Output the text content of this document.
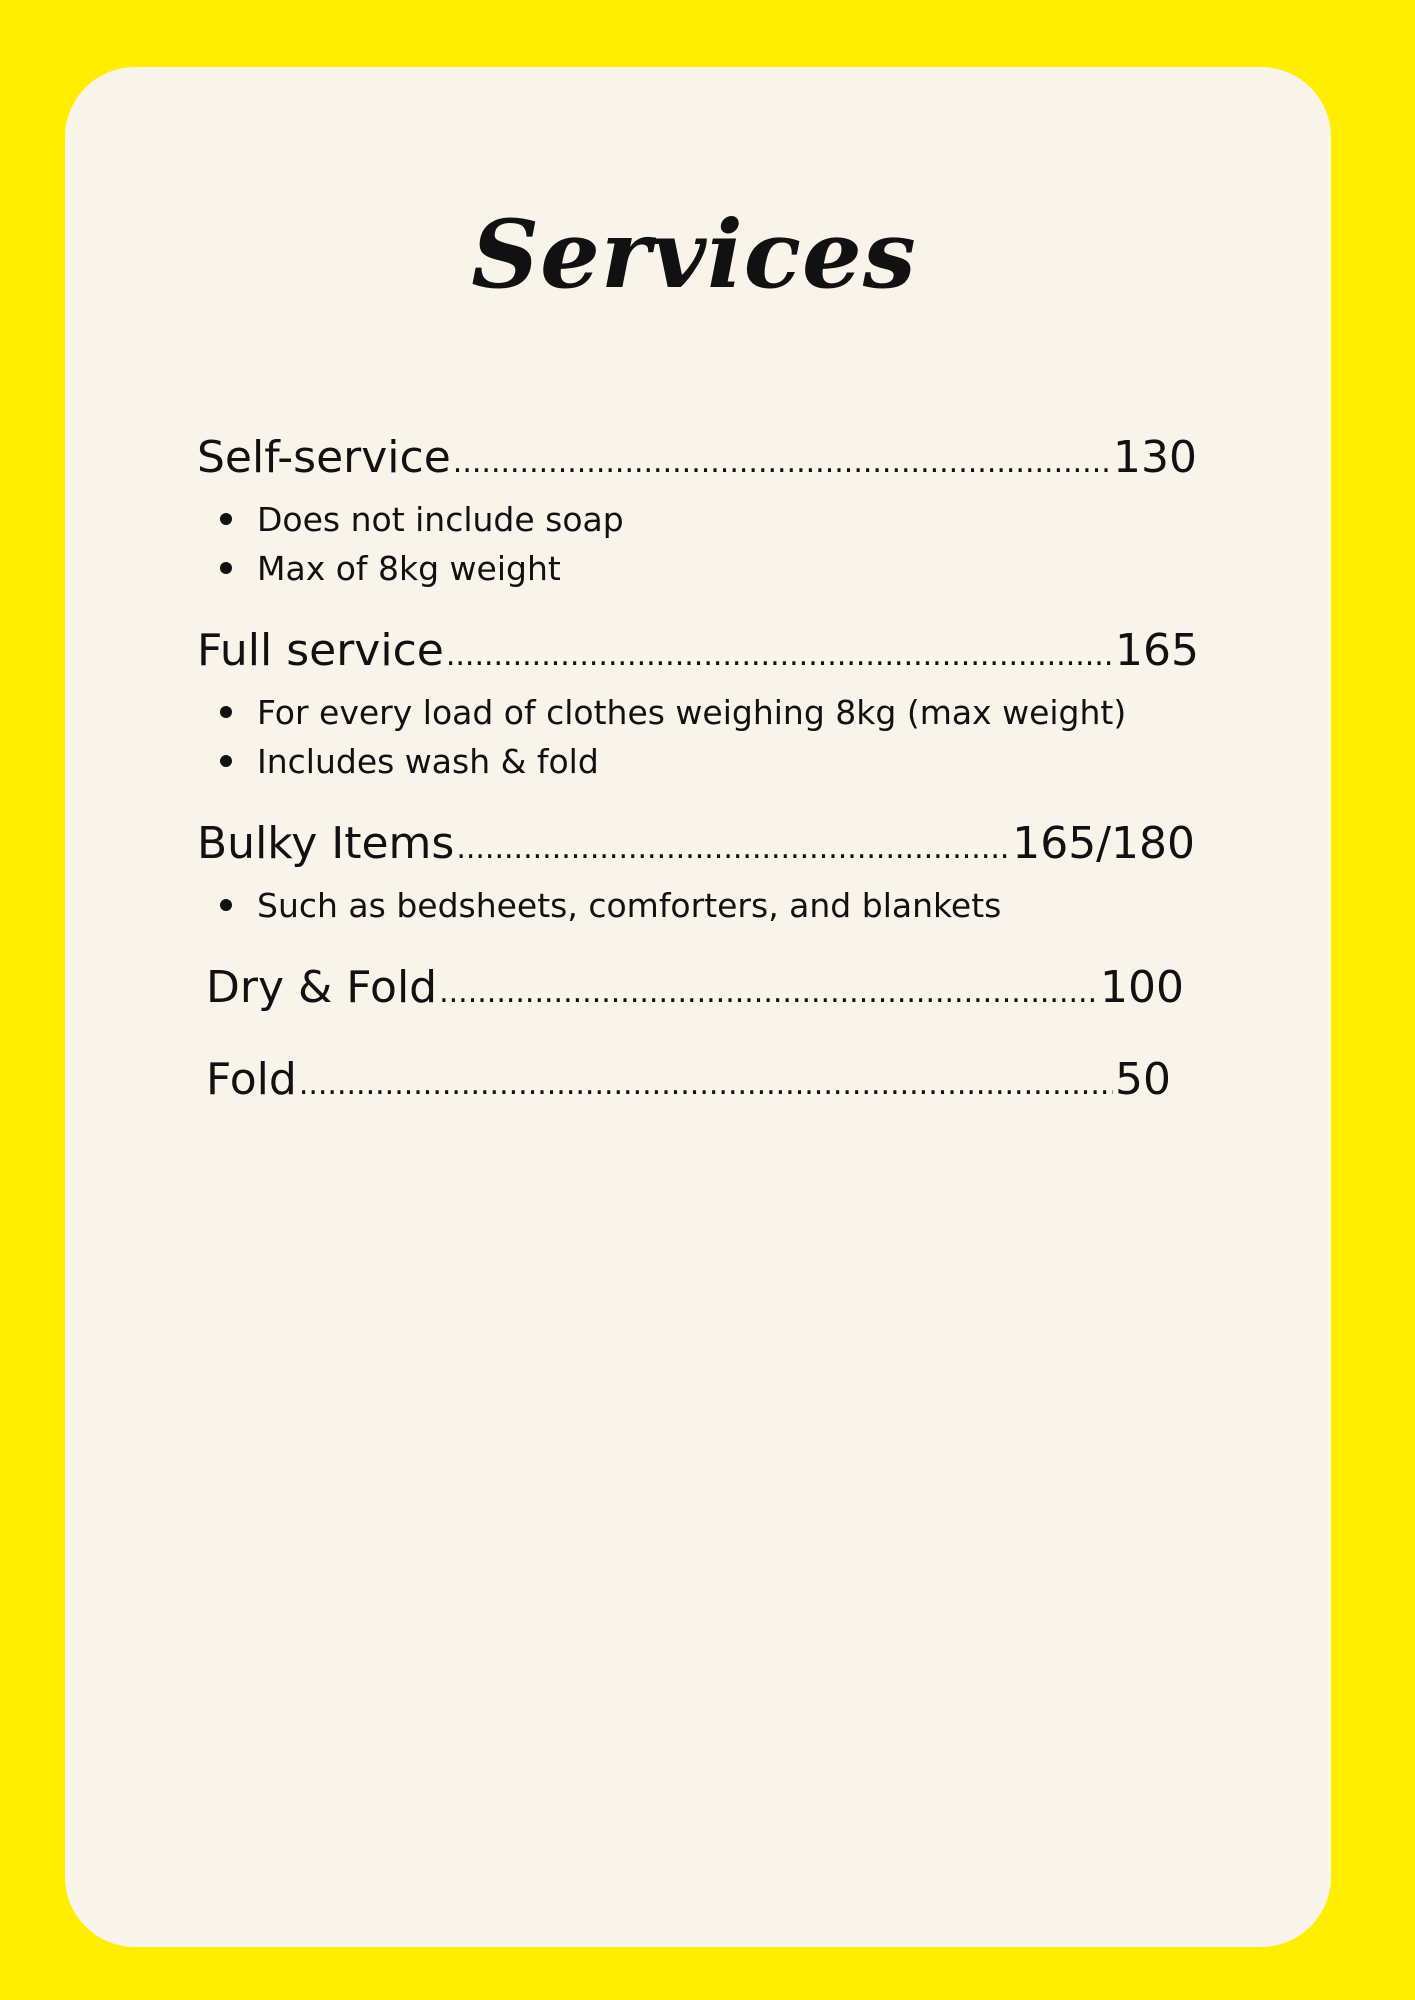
Services
Self-service .....	130
Does not include soap
Max of 8kg weight
Full service .....	165
For every load of clothes weighing 8kg (max weight)
Includes wash & fold
Bulky Items .....	165/180
Such as bedsheets, comforters, and blankets
Dry & Fold .....	100
Fold .....	50
